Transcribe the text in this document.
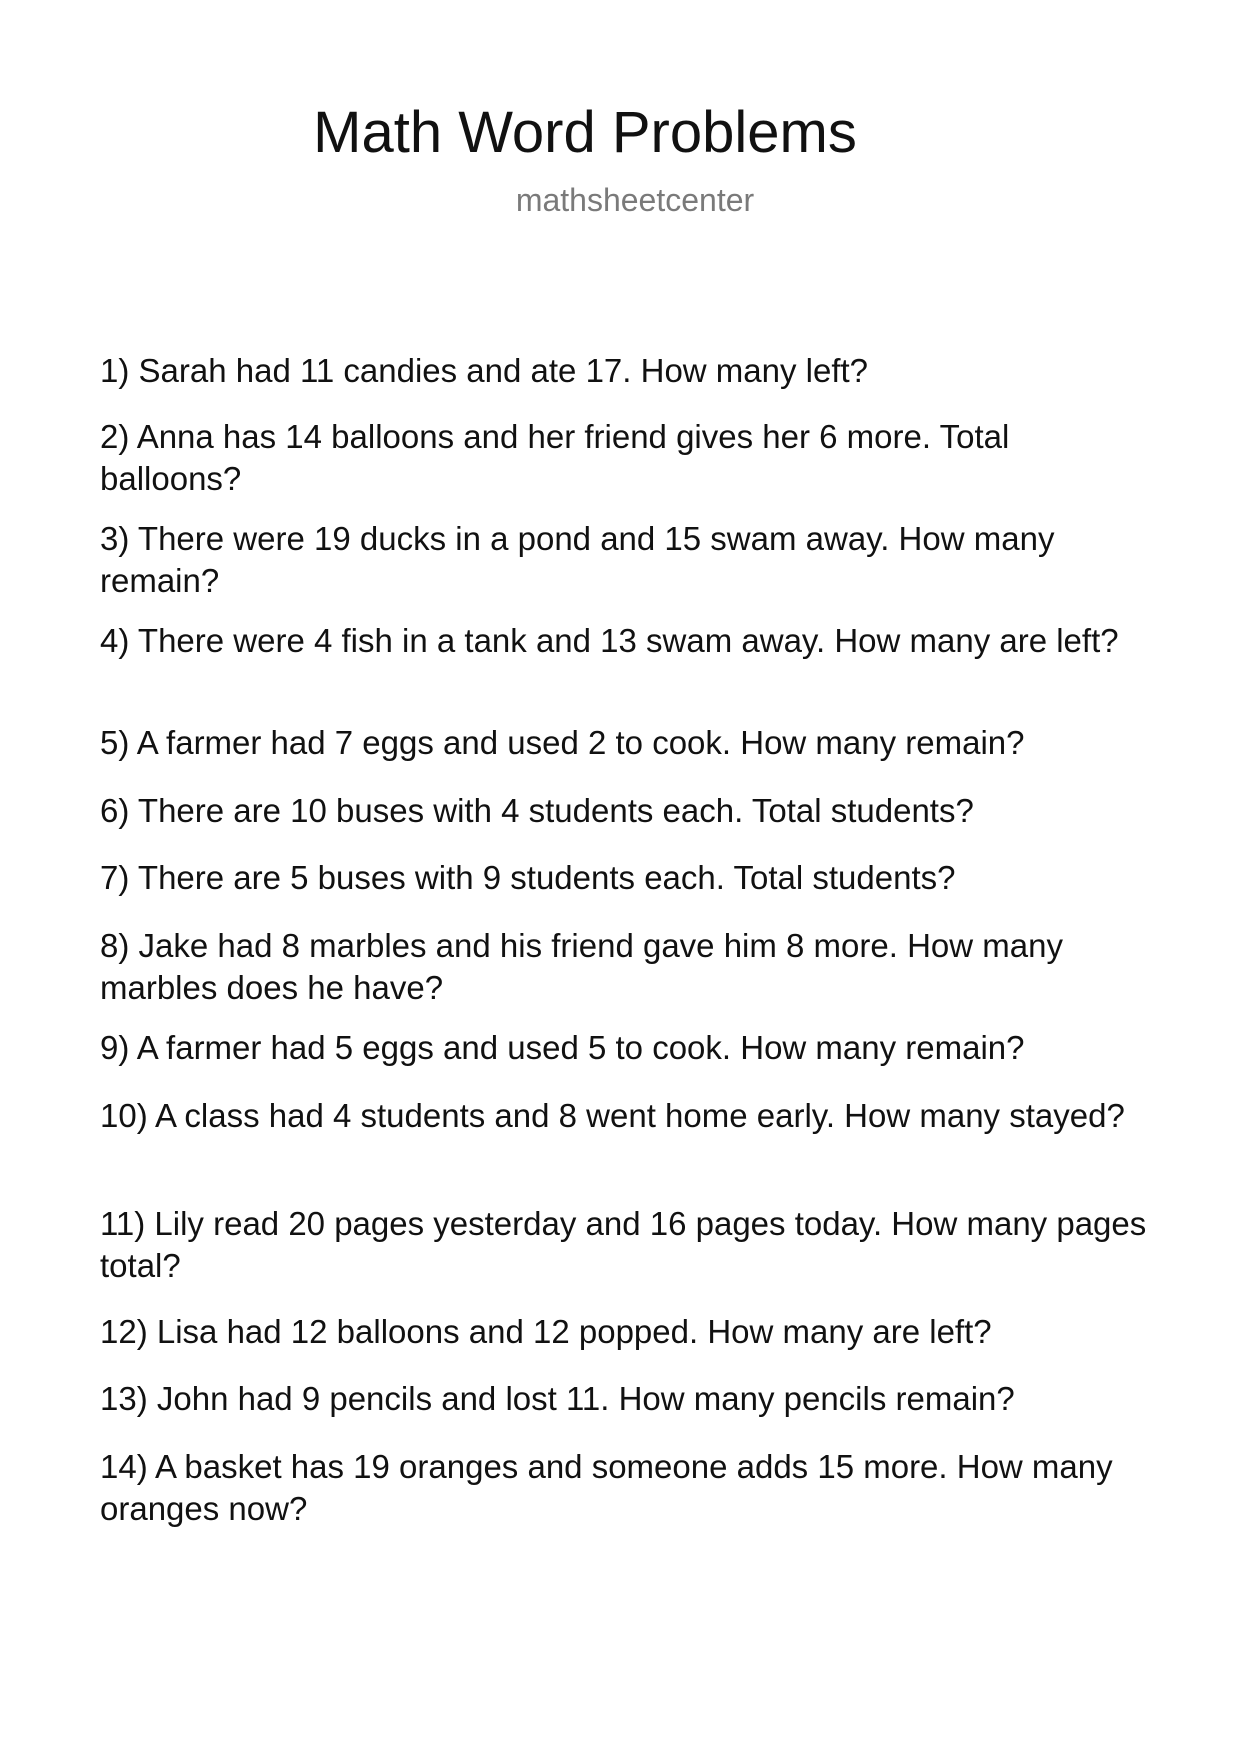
Math Word Problems
mathsheetcenter
1) Sarah had 11 candies and ate 17. How many left?
2) Anna has 14 balloons and her friend gives her 6 more. Total balloons?
3) There were 19 ducks in a pond and 15 swam away. How many remain?
4) There were 4 fish in a tank and 13 swam away. How many are left?
5) A farmer had 7 eggs and used 2 to cook. How many remain?
6) There are 10 buses with 4 students each. Total students?
7) There are 5 buses with 9 students each. Total students?
8) Jake had 8 marbles and his friend gave him 8 more. How many marbles does he have?
9) A farmer had 5 eggs and used 5 to cook. How many remain?
10) A class had 4 students and 8 went home early. How many stayed?
11) Lily read 20 pages yesterday and 16 pages today. How many pages total?
12) Lisa had 12 balloons and 12 popped. How many are left?
13) John had 9 pencils and lost 11. How many pencils remain?
14) A basket has 19 oranges and someone adds 15 more. How many oranges now?
